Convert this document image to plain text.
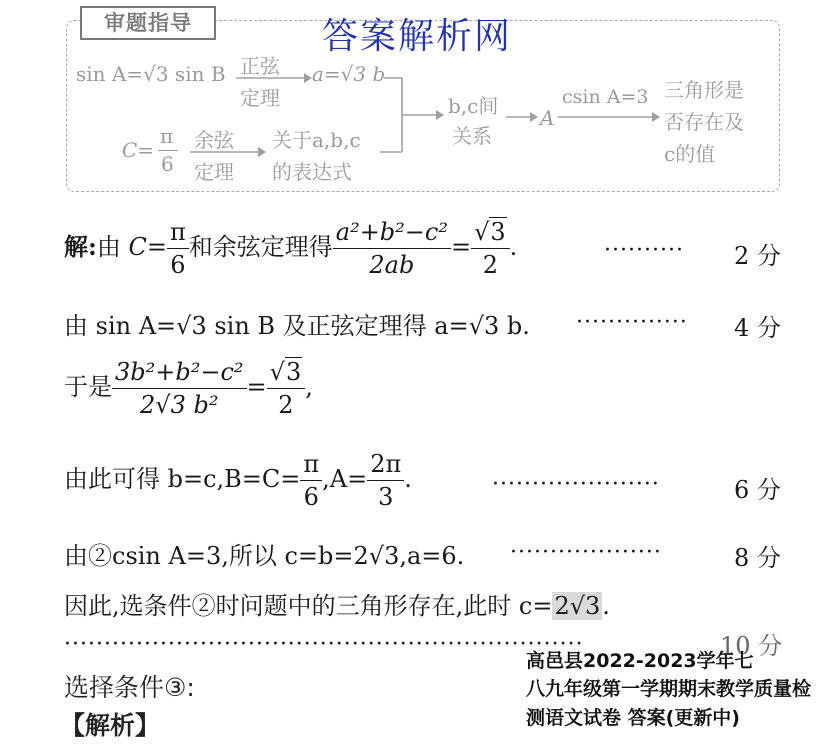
审题指导	答案解析网
sin A=√3 sin B 正弦
定理
a=√3 b
C=
π
6
余弦
定理
关于a,b,c
的表达式
b,c间
关系
A
csin A=3 三角形是
否存在及
c的值
解:由 $C= \frac{\pi}{6}$ 和余弦定理得 $\frac{\text{a²+b²−c²}}{2ab} = \frac{√3}{2}$ .	·········· 2 分
由 sin A=√3 sin B 及正弦定理得 a=√3 b. ·············· 4 分
于是 $\frac{\text{3b²+b²−c²}}{\text{2√3 b²}} = \frac{√3}{2}$ ,
由此可得 $b=c,B=C= \frac{\pi}{6} ,A= \frac{2\pi}{3}$ .	·····················	6 分
由②csin A=3,所以 c=b=2√3,a=6. ···················	8 分
因此,选条件②时问题中的三角形存在,此时 c=2√3.
·································································	10 分
选择条件③:
【解析】
高邑县2022-2023学年七
八九年级第一学期期末教学质量检
测语文试卷 答案(更新中)
